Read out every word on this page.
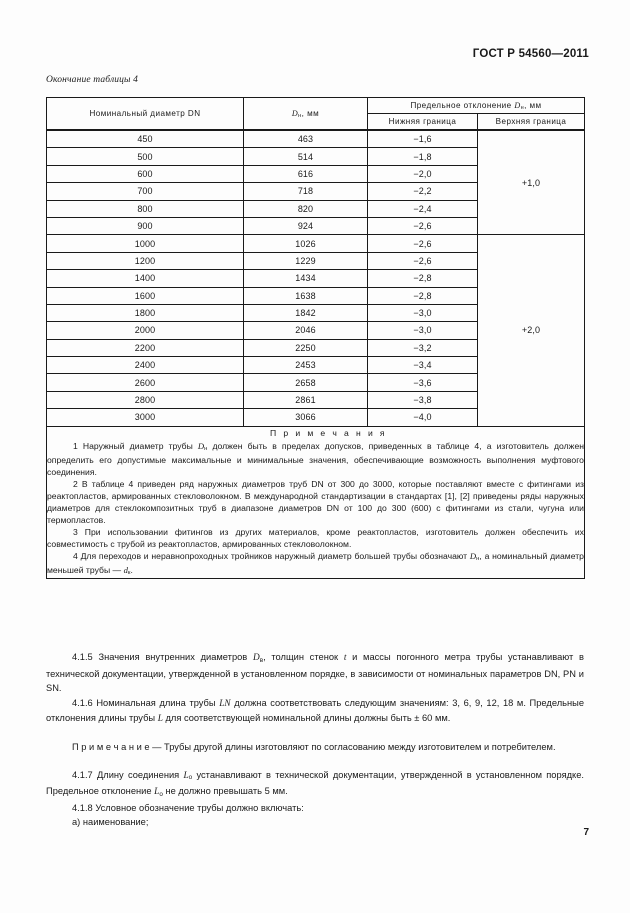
ГОСТ Р 54560—2011
Окончание таблицы 4
Номинальный диаметр DN	$D_н$, мм	Предельное отклонение $D_н$, мм	
		Нижняя граница	Верхняя граница
450	463	−1,6	+1,0
500	514	−1,8	
600	616	−2,0	
700	718	−2,2	
800	820	−2,4	
900	924	−2,6	
1000	1026	−2,6	+2,0
1200	1229	−2,6	
1400	1434	−2,8	
1600	1638	−2,8	
1800	1842	−3,0	
2000	2046	−3,0	
2200	2250	−3,2	
2400	2453	−3,4	
2600	2658	−3,6	
2800	2861	−3,8	
3000	3066	−4,0	

П р и м е ч а н и я

1 Наружный диаметр трубы $D_н$ должен быть в пределах допусков, приведенных в таблице 4, а изготовитель должен определить его допустимые максимальные и минимальные значения, обеспечивающие возможность выполнения муфтового соединения.

2 В таблице 4 приведен ряд наружных диаметров труб DN от 300 до 3000, которые поставляют вместе с фитингами из реактопластов, армированных стекловолокном. В международной стандартизации в стандартах [1], [2] приведены ряды наружных диаметров для стеклокомпозитных труб в диапазоне диаметров DN от 100 до 300 (600) с фитингами из стали, чугуна или термопластов.

3 При использовании фитингов из других материалов, кроме реактопластов, изготовитель должен обеспечить их совместимость с трубой из реактопластов, армированных стекловолокном.

4 Для переходов и неравнопроходных тройников наружный диаметр большей трубы обозначают $D_н$, а номинальный диаметр меньшей трубы — $d_к$.			

4.1.5 Значения внутренних диаметров $D_в$, толщин стенок t и массы погонного метра трубы устанавливают в технической документации, утвержденной в установленном порядке, в зависимости от номинальных параметров DN, PN и SN.

4.1.6 Номинальная длина трубы LN должна соответствовать следующим значениям: 3, 6, 9, 12, 18 м. Предельные отклонения длины трубы L для соответствующей номинальной длины должны быть ± 60 мм.

П р и м е ч а н и е — Трубы другой длины изготовляют по согласованию между изготовителем и потребителем.

4.1.7 Длину соединения $L_о$ устанавливают в технической документации, утвержденной в установленном порядке. Предельное отклонение $L_о$ не должно превышать 5 мм.

4.1.8 Условное обозначение трубы должно включать:

а) наименование;

7
